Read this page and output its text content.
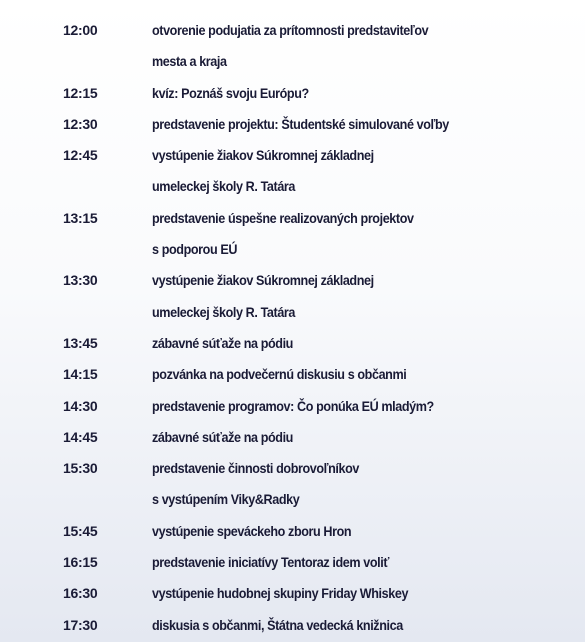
12:00	otvorenie podujatia za prítomnosti predstaviteľov
mesta a kraja
12:15	kvíz: Poznáš svoju Európu?
12:30	predstavenie projektu: Študentské simulované voľby
12:45	vystúpenie žiakov Súkromnej základnej
umeleckej školy R. Tatára
13:15	predstavenie úspešne realizovaných projektov
s podporou EÚ
13:30	vystúpenie žiakov Súkromnej základnej
umeleckej školy R. Tatára
13:45	zábavné súťaže na pódiu
14:15	pozvánka na podvečernú diskusiu s občanmi
14:30	predstavenie programov: Čo ponúka EÚ mladým?
14:45	zábavné súťaže na pódiu
15:30	predstavenie činnosti dobrovoľníkov
s vystúpením Viky&Radky
15:45	vystúpenie speváckeho zboru Hron
16:15	predstavenie iniciatívy Tentoraz idem voliť
16:30	vystúpenie hudobnej skupiny Friday Whiskey
17:30	diskusia s občanmi, Štátna vedecká knižnica
